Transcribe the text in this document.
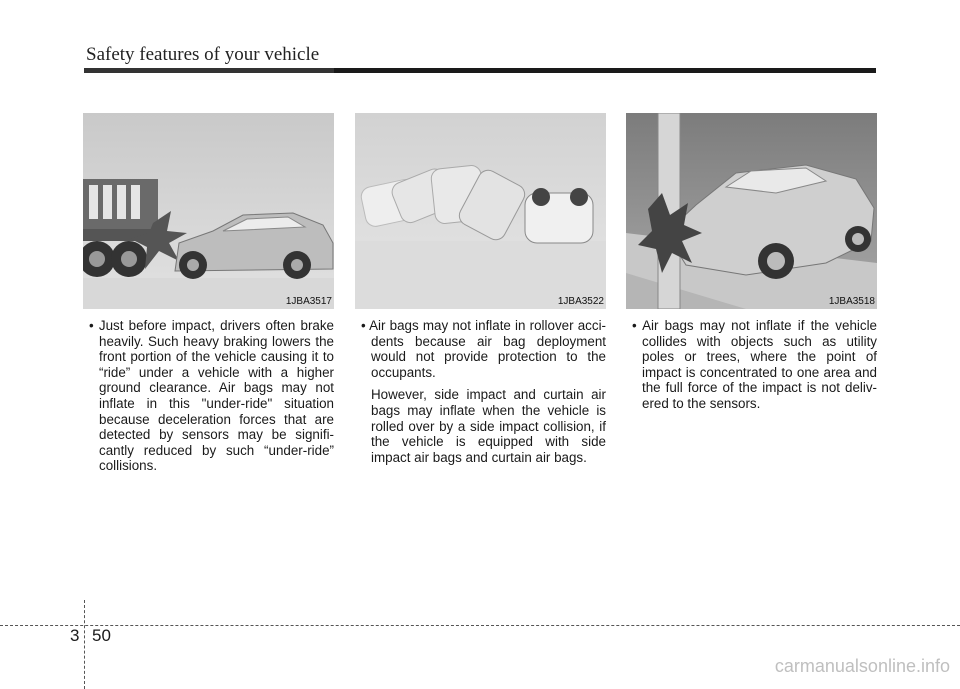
Safety features of your vehicle
1JBA3517	1JBA3522	1JBA3518

• Just before impact, drivers often brake heavily. Such heavy braking lowers the front portion of the vehicle causing it to “ride” under a vehicle with a higher ground clearance. Air bags may not inflate in this "under-ride" situation because deceleration forces that are detected by sensors may be signifi-cantly reduced by such “under-ride” collisions.

• Air bags may not inflate in rollover acci-dents because air bag deployment would not provide protection to the occupants.

However, side impact and curtain air bags may inflate when the vehicle is rolled over by a side impact collision, if the vehicle is equipped with side impact air bags and curtain air bags.

• Air bags may not inflate if the vehicle collides with objects such as utility poles or trees, where the point of impact is concentrated to one area and the full force of the impact is not deliv-ered to the sensors.

3 50
carmanualsonline.info
